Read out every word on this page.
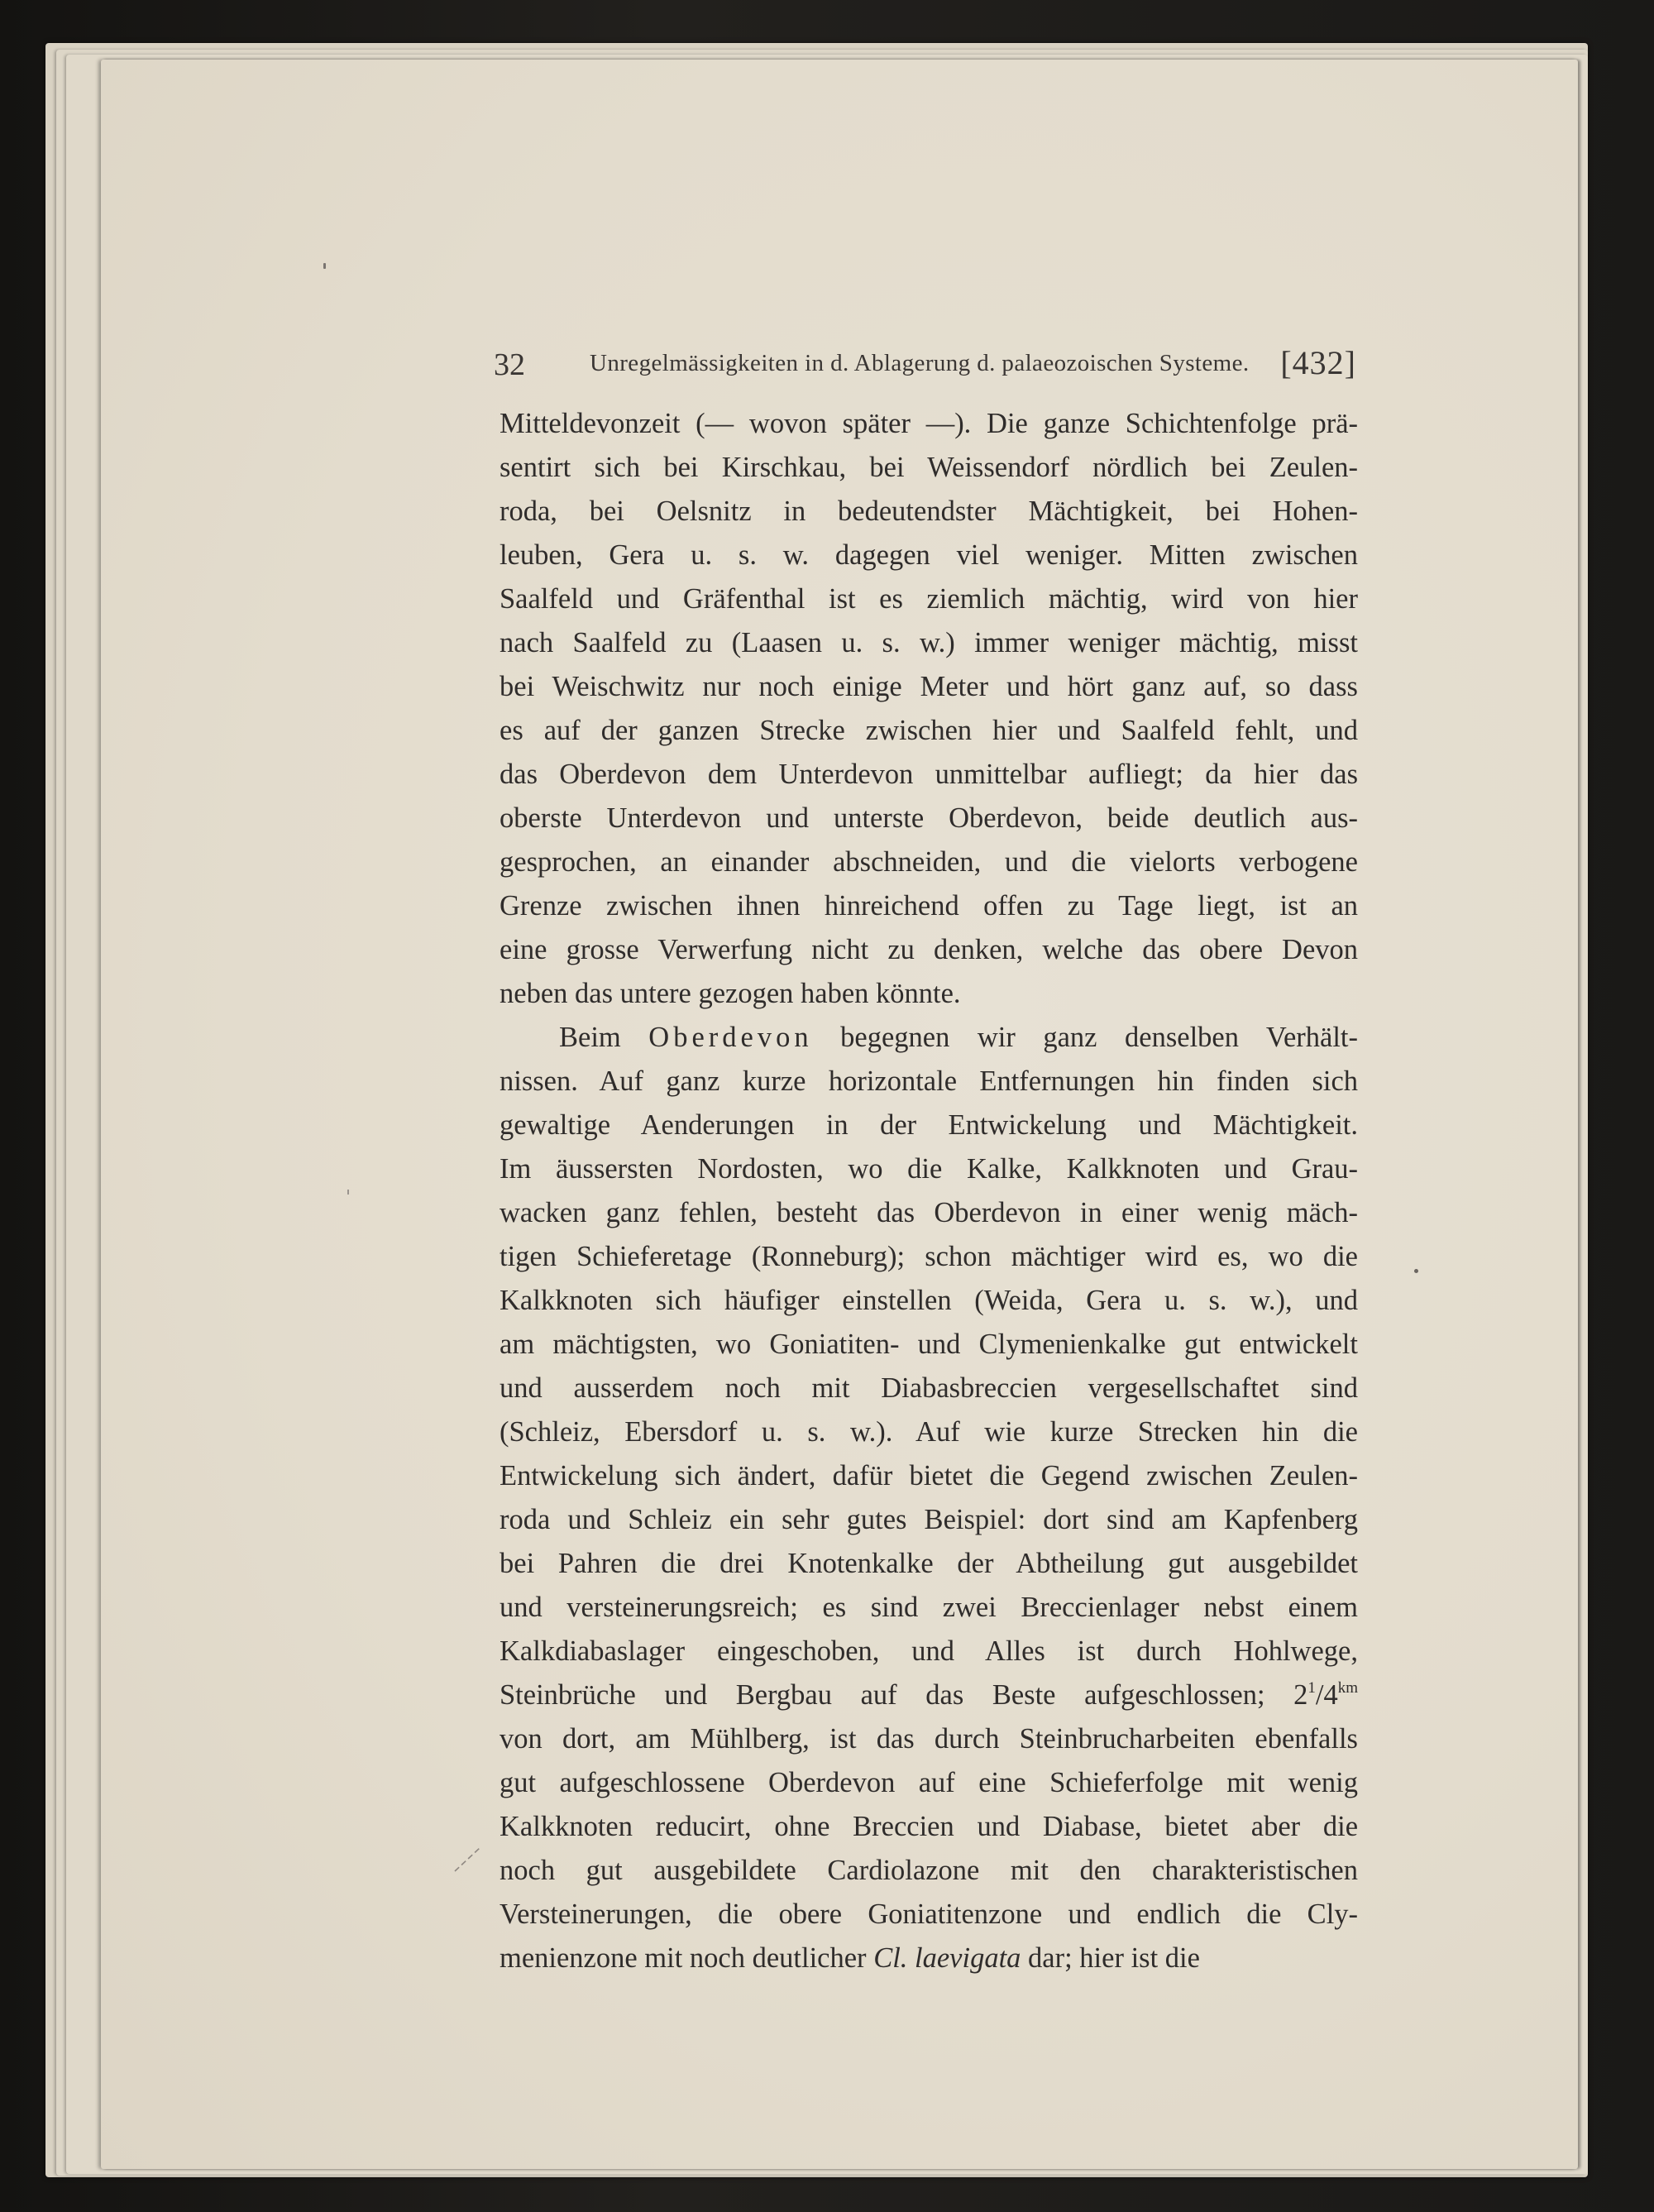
32	Unregelmässigkeiten in d. Ablagerung d. palaeozoischen Systeme. [432]
Mitteldevonzeit (— wovon später —). Die ganze Schichtenfolge prä-
sentirt sich bei Kirschkau, bei Weissendorf nördlich bei Zeulen-
roda, bei Oelsnitz in bedeutendster Mächtigkeit, bei Hohen-
leuben, Gera u. s. w. dagegen viel weniger. Mitten zwischen
Saalfeld und Gräfenthal ist es ziemlich mächtig, wird von hier
nach Saalfeld zu (Laasen u. s. w.) immer weniger mächtig, misst
bei Weischwitz nur noch einige Meter und hört ganz auf, so dass
es auf der ganzen Strecke zwischen hier und Saalfeld fehlt, und
das Oberdevon dem Unterdevon unmittelbar aufliegt; da hier das
oberste Unterdevon und unterste Oberdevon, beide deutlich aus-
gesprochen, an einander abschneiden, und die vielorts verbogene
Grenze zwischen ihnen hinreichend offen zu Tage liegt, ist an
eine grosse Verwerfung nicht zu denken, welche das obere Devon
neben das untere gezogen haben könnte.
Beim Oberdevon begegnen wir ganz denselben Verhält-
nissen. Auf ganz kurze horizontale Entfernungen hin finden sich
gewaltige Aenderungen in der Entwickelung und Mächtigkeit.
Im äussersten Nordosten, wo die Kalke, Kalkknoten und Grau-
wacken ganz fehlen, besteht das Oberdevon in einer wenig mäch-
tigen Schieferetage (Ronneburg); schon mächtiger wird es, wo die
Kalkknoten sich häufiger einstellen (Weida, Gera u. s. w.), und
am mächtigsten, wo Goniatiten- und Clymenienkalke gut entwickelt
und ausserdem noch mit Diabasbreccien vergesellschaftet sind
(Schleiz, Ebersdorf u. s. w.). Auf wie kurze Strecken hin die
Entwickelung sich ändert, dafür bietet die Gegend zwischen Zeulen-
roda und Schleiz ein sehr gutes Beispiel: dort sind am Kapfenberg
bei Pahren die drei Knotenkalke der Abtheilung gut ausgebildet
und versteinerungsreich; es sind zwei Breccienlager nebst einem
Kalkdiabaslager eingeschoben, und Alles ist durch Hohlwege,
Steinbrüche und Bergbau auf das Beste aufgeschlossen; $2^1/4^{km}$
von dort, am Mühlberg, ist das durch Steinbrucharbeiten ebenfalls
gut aufgeschlossene Oberdevon auf eine Schieferfolge mit wenig
Kalkknoten reducirt, ohne Breccien und Diabase, bietet aber die
noch gut ausgebildete Cardiolazone mit den charakteristischen
Versteinerungen, die obere Goniatitenzone und endlich die Cly-
menienzone mit noch deutlicher Cl. laevigata dar; hier ist die
